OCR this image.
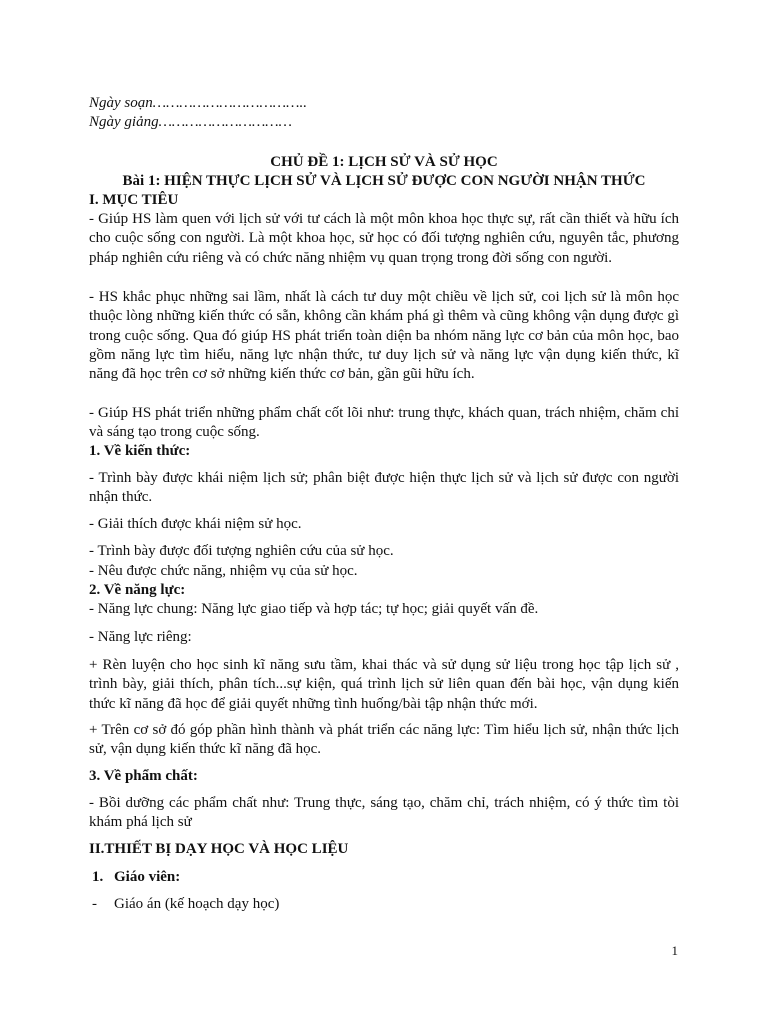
Ngày soạn……………………………..
Ngày giảng…………………………
CHỦ ĐỀ 1: LỊCH SỬ VÀ SỬ HỌC
Bài 1: HIỆN THỰC LỊCH SỬ VÀ LỊCH SỬ ĐƯỢC CON NGƯỜI NHẬN THỨC
I. MỤC TIÊU
- Giúp HS làm quen với lịch sử với tư cách là một môn khoa học thực sự, rất cần thiết và hữu ích cho cuộc sống con người. Là một khoa học, sử học có đối tượng nghiên cứu, nguyên tắc, phương pháp nghiên cứu riêng và có chức năng nhiệm vụ quan trọng trong đời sống con người.
- HS khắc phục những sai lầm, nhất là cách tư duy một chiều về lịch sử, coi lịch sử là môn học thuộc lòng những kiến thức có sẵn, không cần khám phá gì thêm và cũng không vận dụng được gì trong cuộc sống. Qua đó giúp HS phát triển toàn diện ba nhóm năng lực cơ bản của môn học, bao gồm năng lực tìm hiểu, năng lực nhận thức, tư duy lịch sử và năng lực vận dụng kiến thức, kĩ năng đã học trên cơ sở những kiến thức cơ bản, gần gũi hữu ích.
- Giúp HS phát triển những phẩm chất cốt lõi như: trung thực, khách quan, trách nhiệm, chăm chỉ và sáng tạo trong cuộc sống.
1. Về kiến thức:
- Trình bày được khái niệm lịch sử; phân biệt được hiện thực lịch sử và lịch sử được con người nhận thức.
- Giải thích được khái niệm sử học.
- Trình bày được đối tượng nghiên cứu của sử học.
- Nêu được chức năng, nhiệm vụ của sử học.
2. Về năng lực:
- Năng lực chung: Năng lực giao tiếp và hợp tác; tự học; giải quyết vấn đề.
- Năng lực riêng:
+ Rèn luyện cho học sinh kĩ năng sưu tầm, khai thác và sử dụng sử liệu trong học tập lịch sử , trình bày, giải thích, phân tích...sự kiện, quá trình lịch sử liên quan đến bài học, vận dụng kiến thức kĩ năng đã học để giải quyết những tình huống/bài tập nhận thức mới.
+ Trên cơ sở đó góp phần hình thành và phát triển các năng lực: Tìm hiểu lịch sử, nhận thức lịch sử, vận dụng kiến thức kĩ năng đã học.
3. Về phẩm chất:
- Bồi dưỡng các phẩm chất như: Trung thực, sáng tạo, chăm chỉ, trách nhiệm, có ý thức tìm tòi khám phá lịch sử
II.THIẾT BỊ DẠY HỌC VÀ HỌC LIỆU
1. Giáo viên:
- Giáo án (kế hoạch dạy học)
1
